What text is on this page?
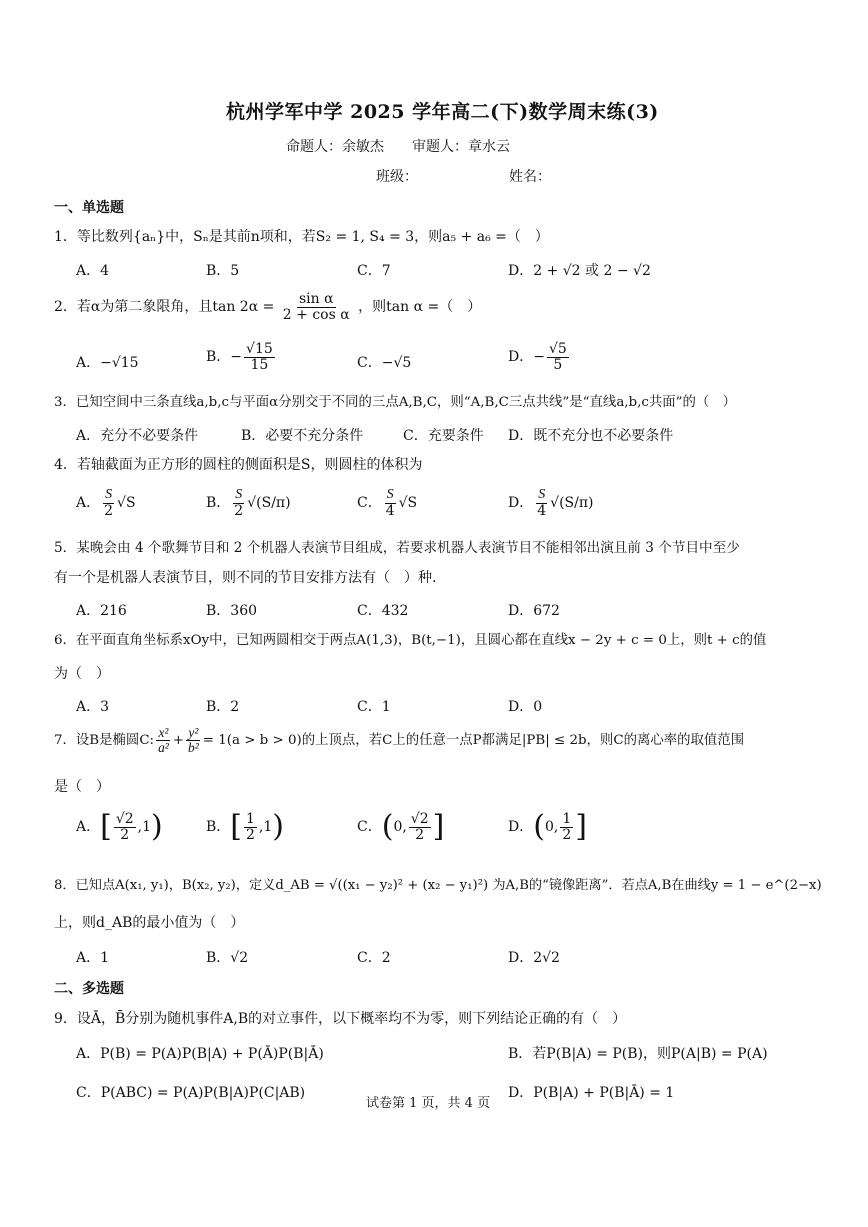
杭州学军中学 2025 学年高二(下)数学周末练(3)
命题人：余敏杰　　审题人：章水云
班级：　　　　　　　姓名：
一、单选题
1．等比数列{aₙ}中，Sₙ是其前n项和，若S₂ = 1, S₄ = 3，则a₅ + a₆ =（　）
A．4	B．5	C．7	D．2 + √2 或 2 − √2
2．若α为第二象限角，且$\tan 2\alpha = \frac{\text{sin α}}{\text{2 + cos α}}$ ，则tan α =（　）
A．−√15	B．− $\frac{√15}{15}$	C．−√5	D．− $\frac{√5}{5}$
3．已知空间中三条直线a,b,c与平面α分别交于不同的三点A,B,C，则“A,B,C三点共线”是“直线a,b,c共面”的（　）
A．充分不必要条件	B．必要不充分条件	C．充要条件 D．既不充分也不必要条件
4．若轴截面为正方形的圆柱的侧面积是S，则圆柱的体积为
A． $\frac{S}{2} √S$	B． $\frac{S}{2} √(S/\pi)$	C． $\frac{S}{4} √S$	D． $\frac{S}{4} √(S/\pi)$
5．某晚会由 4 个歌舞节目和 2 个机器人表演节目组成，若要求机器人表演节目不能相邻出演且前 3 个节目中至少
有一个是机器人表演节目，则不同的节目安排方法有（　）种.
A．216	B．360	C．432	D．672
6．在平面直角坐标系xOy中，已知两圆相交于两点A(1,3)，B(t,−1)，且圆心都在直线x − 2y + c = 0上，则t + c的值
为（　）
A．3	B．2	C．1	D．0
7．设B是椭圆C: $\frac{\text{x²}}{\text{a²}} + \frac{\text{y²}}{\text{b²}} = 1(a > b > 0)$的上顶点，若C上的任意一点P都满足|PB| ≤ 2b，则C的离心率的取值范围
是（　）
A．[ $\frac{√2}{2} ,1$)	B．[ $\frac{1}{2} ,1$)	C．(0, $\frac{√2}{2}$ ]	D．(0, $\frac{1}{2}$ ]
8．已知点A(x₁, y₁)，B(x₂, y₂)，定义d_AB = √((x₁ − y₂)² + (x₂ − y₁)²) 为A,B的“镜像距离”．若点A,B在曲线y = 1 − e^(2−x)
上，则d_AB的最小值为（　）
A．1	B．√2	C．2	D．2√2
二、多选题
9．设Ā，B̄分别为随机事件A,B的对立事件，以下概率均不为零，则下列结论正确的有（　）
A．P(B) = P(A)P(B|A) + P(Ā)P(B|Ā)	B．若P(B|A) = P(B)，则P(A|B) = P(A)
C．P(ABC) = P(A)P(B|A)P(C|AB)	D．P(B|A) + P(B|Ā) = 1
试卷第 1 页，共 4 页
